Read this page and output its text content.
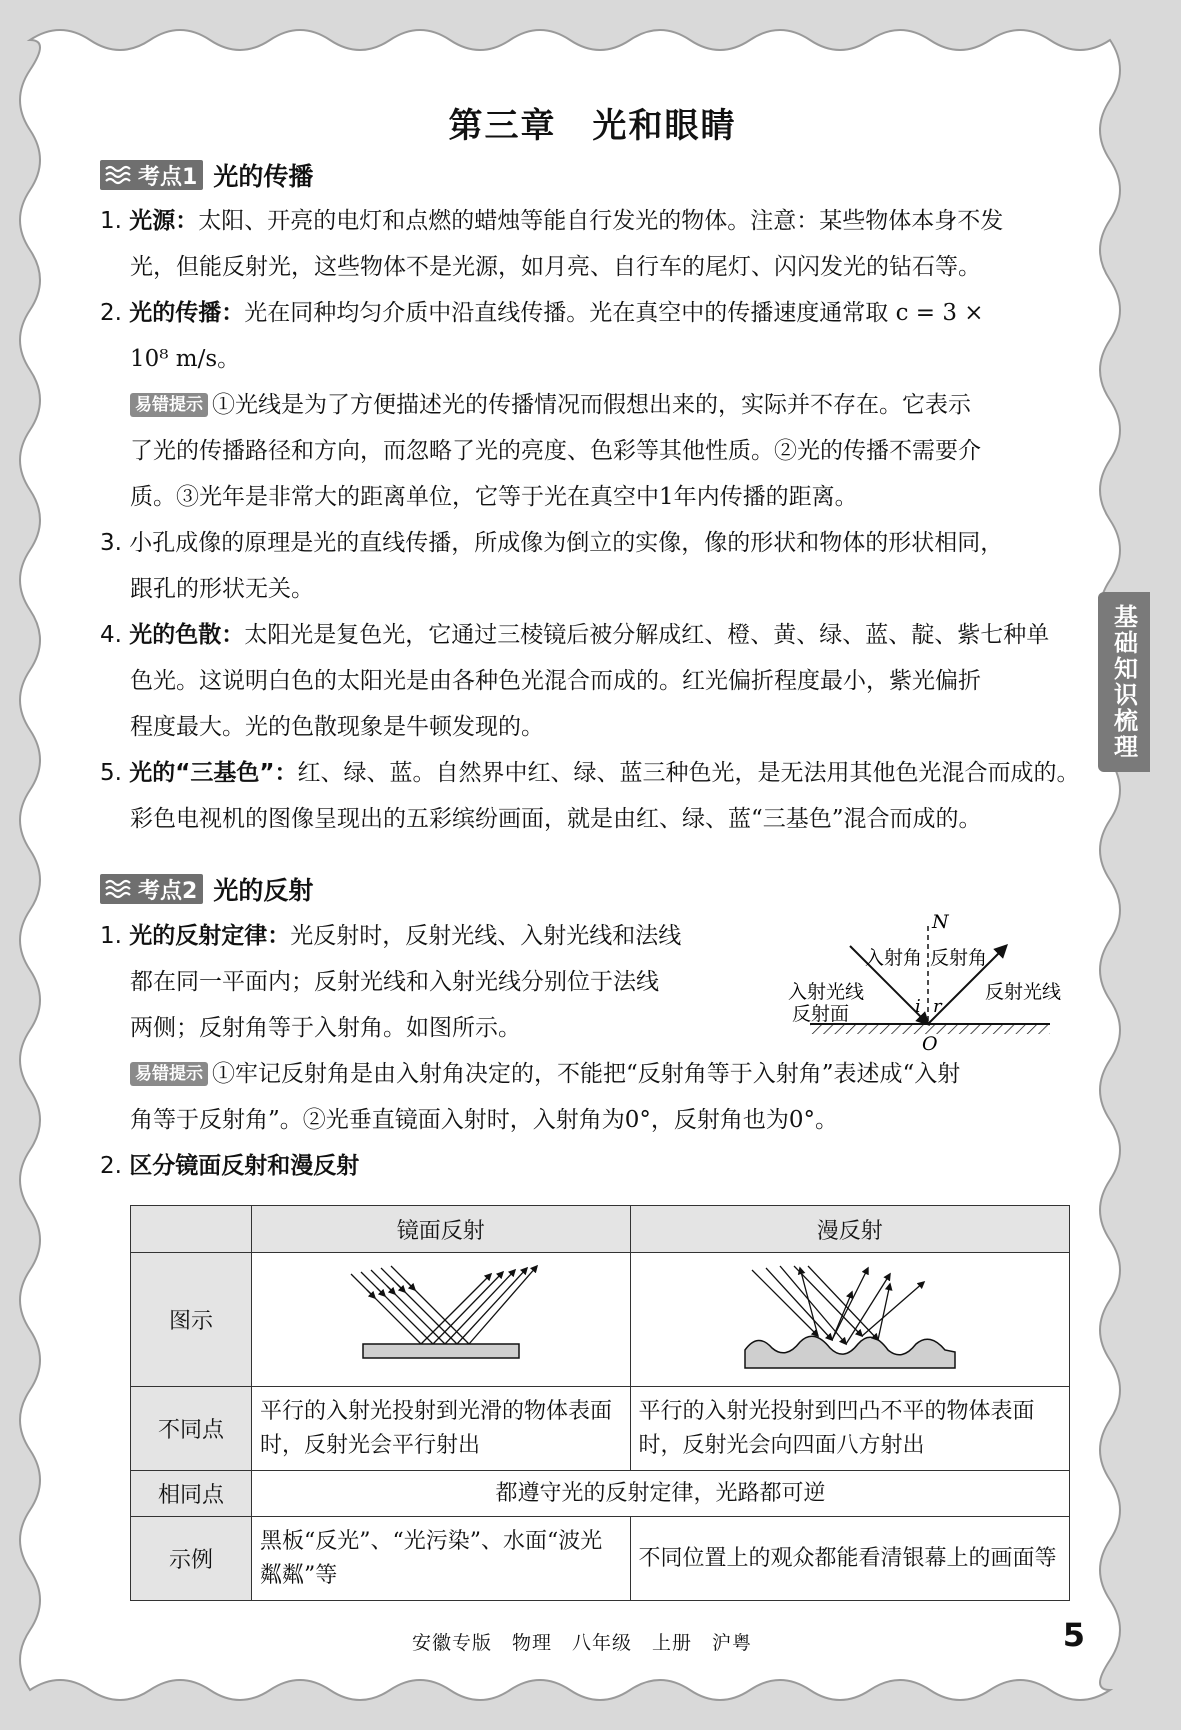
基础知识梳理
第三章　光和眼睛
考点1 光的传播
1. 光源：太阳、开亮的电灯和点燃的蜡烛等能自行发光的物体。注意：某些物体本身不发
光，但能反射光，这些物体不是光源，如月亮、自行车的尾灯、闪闪发光的钻石等。
2. 光的传播：光在同种均匀介质中沿直线传播。光在真空中的传播速度通常取 c = 3 ×
10⁸ m/s。
易错提示 ①光线是为了方便描述光的传播情况而假想出来的，实际并不存在。它表示
了光的传播路径和方向，而忽略了光的亮度、色彩等其他性质。②光的传播不需要介
质。③光年是非常大的距离单位，它等于光在真空中1年内传播的距离。
3. 小孔成像的原理是光的直线传播，所成像为倒立的实像，像的形状和物体的形状相同，
跟孔的形状无关。
4. 光的色散：太阳光是复色光，它通过三棱镜后被分解成红、橙、黄、绿、蓝、靛、紫七种单
色光。这说明白色的太阳光是由各种色光混合而成的。红光偏折程度最小，紫光偏折
程度最大。光的色散现象是牛顿发现的。
5. 光的“三基色”：红、绿、蓝。自然界中红、绿、蓝三种色光，是无法用其他色光混合而成的。
彩色电视机的图像呈现出的五彩缤纷画面，就是由红、绿、蓝“三基色”混合而成的。
考点2 光的反射
1. 光的反射定律：光反射时，反射光线、入射光线和法线
都在同一平面内；反射光线和入射光线分别位于法线
两侧；反射角等于入射角。如图所示。
N
入射角 反射角
入射光线	反射光线
反射面	i r
O
易错提示 ①牢记反射角是由入射角决定的，不能把“反射角等于入射角”表述成“入射
角等于反射角”。②光垂直镜面入射时，入射角为0°，反射角也为0°。
2. 区分镜面反射和漫反射
	镜面反射	漫反射
图示		
不同点	平行的入射光投射到光滑的物体表面时，反射光会平行射出	平行的入射光投射到凹凸不平的物体表面时，反射光会向四面八方射出
相同点	都遵守光的反射定律，光路都可逆	
示例	黑板“反光”、“光污染”、水面“波光粼粼”等	不同位置上的观众都能看清银幕上的画面等
安徽专版　物理　八年级　上册　沪粤	5
